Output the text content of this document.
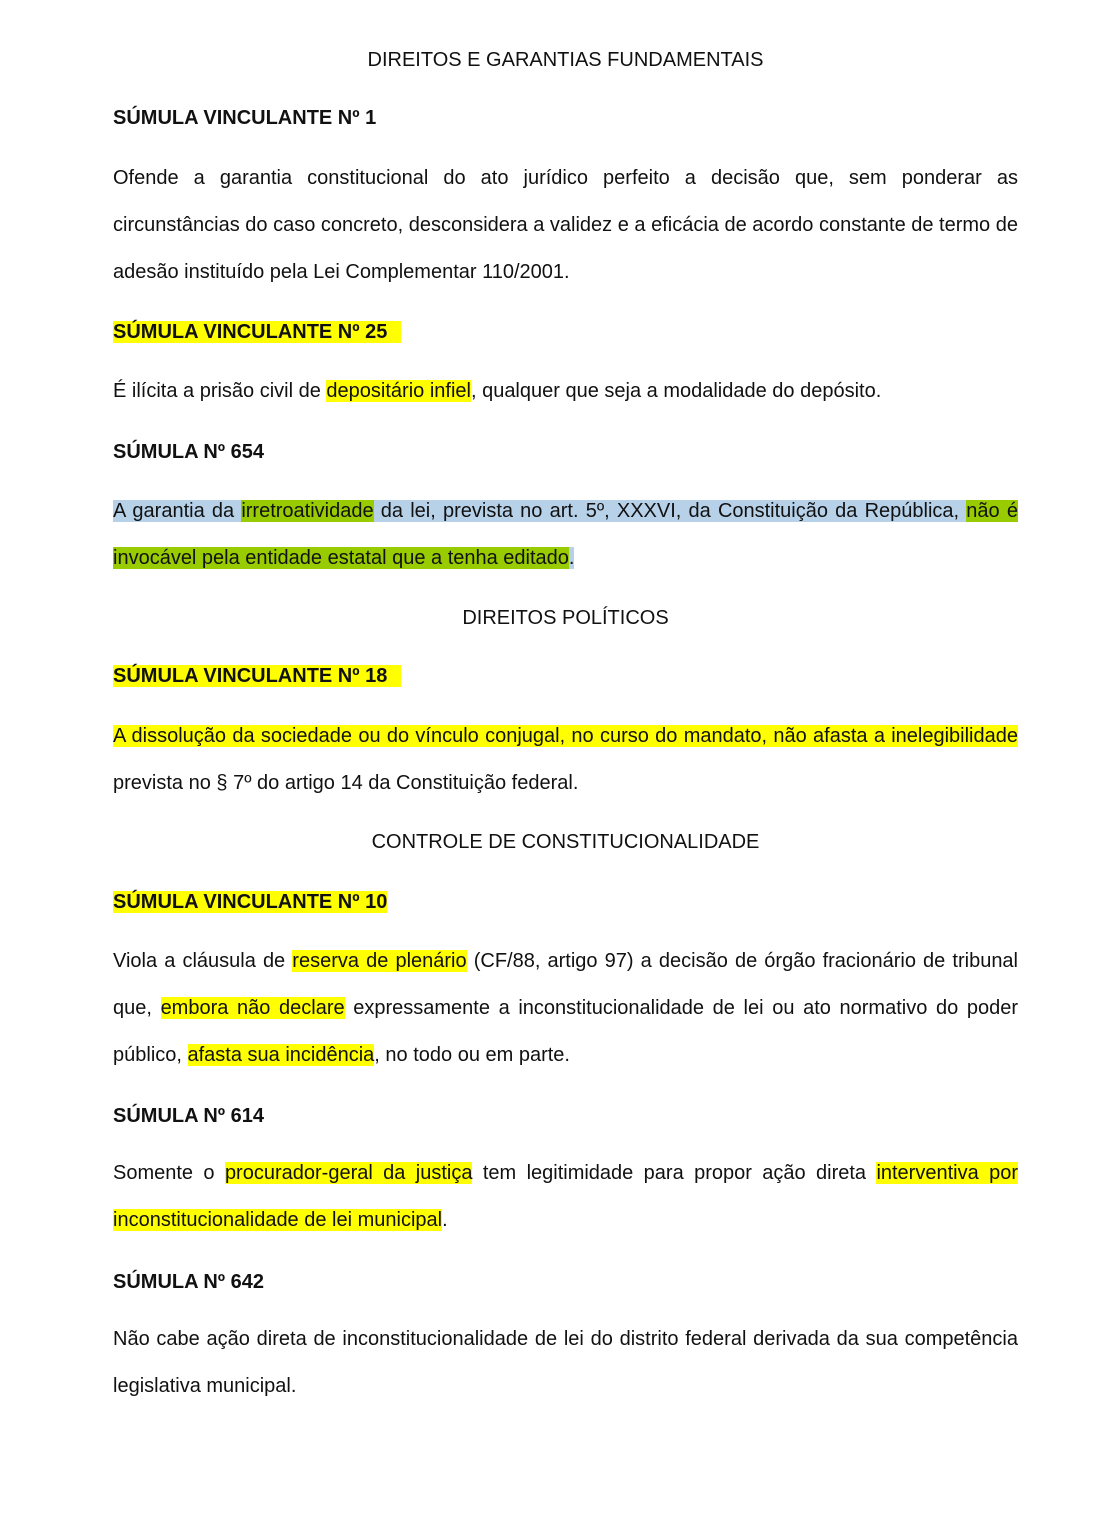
DIREITOS E GARANTIAS FUNDAMENTAIS
SÚMULA VINCULANTE Nº 1
Ofende a garantia constitucional do ato jurídico perfeito a decisão que, sem ponderar as circunstâncias do caso concreto, desconsidera a validez e a eficácia de acordo constante de termo de adesão instituído pela Lei Complementar 110/2001.
SÚMULA VINCULANTE Nº 25
É ilícita a prisão civil de depositário infiel, qualquer que seja a modalidade do depósito.
SÚMULA Nº 654
A garantia da irretroatividade da lei, prevista no art. 5º, XXXVI, da Constituição da República, não é invocável pela entidade estatal que a tenha editado.
DIREITOS POLÍTICOS
SÚMULA VINCULANTE Nº 18
A dissolução da sociedade ou do vínculo conjugal, no curso do mandato, não afasta a inelegibilidade prevista no § 7º do artigo 14 da Constituição federal.
CONTROLE DE CONSTITUCIONALIDADE
SÚMULA VINCULANTE Nº 10
Viola a cláusula de reserva de plenário (CF/88, artigo 97) a decisão de órgão fracionário de tribunal que, embora não declare expressamente a inconstitucionalidade de lei ou ato normativo do poder público, afasta sua incidência, no todo ou em parte.
SÚMULA Nº 614
Somente o procurador-geral da justiça tem legitimidade para propor ação direta interventiva por inconstitucionalidade de lei municipal.
SÚMULA Nº 642
Não cabe ação direta de inconstitucionalidade de lei do distrito federal derivada da sua competência legislativa municipal.
